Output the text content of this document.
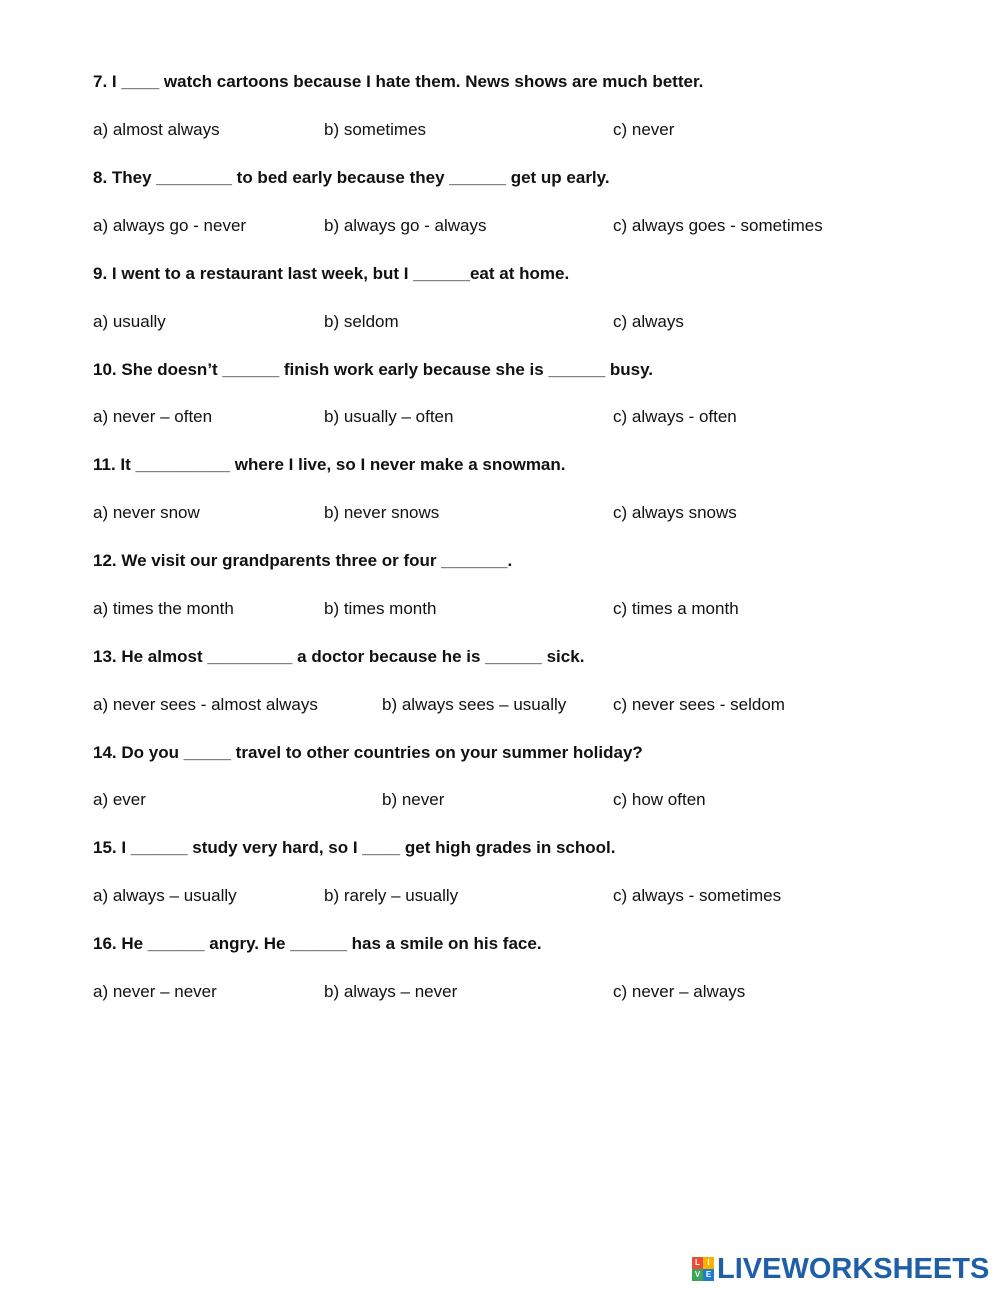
7. I ____ watch cartoons because I hate them. News shows are much better.
a) almost always	b) sometimes	c) never
8. They ________ to bed early because they ______ get up early.
a) always go - never	b) always go - always	c) always goes - sometimes
9. I went to a restaurant last week, but I ______eat at home.
a) usually	b) seldom	c) always
10. She doesn’t ______ finish work early because she is ______ busy.
a) never – often	b) usually – often	c) always - often
11. It __________ where I live, so I never make a snowman.
a) never snow	b) never snows	c) always snows
12. We visit our grandparents three or four _______.
a) times the month	b) times month	c) times a month
13. He almost _________ a doctor because he is ______ sick.
a) never sees - almost always	b) always sees – usually	c) never sees - seldom
14. Do you _____ travel to other countries on your summer holiday?
a) ever	b) never	c) how often
15. I ______ study very hard, so I ____ get high grades in school.
a) always – usually	b) rarely – usually	c) always - sometimes
16. He ______ angry. He ______ has a smile on his face.
a) never – never	b) always – never	c) never – always
L I
V E LIVEWORKSHEETS
